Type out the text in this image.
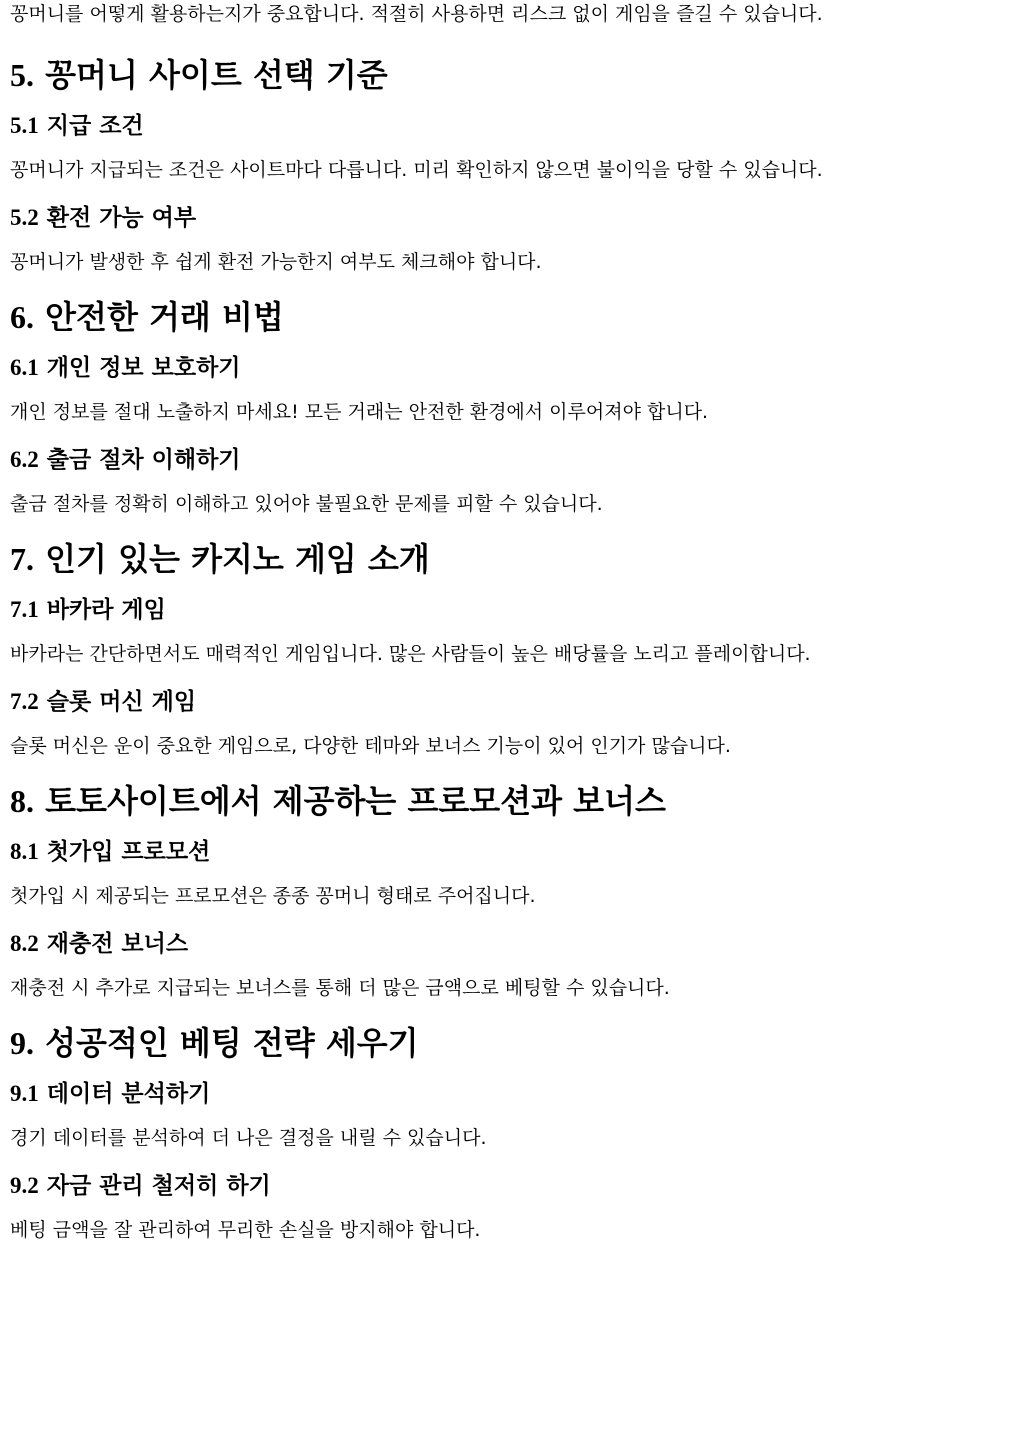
꽁머니를 어떻게 활용하는지가 중요합니다. 적절히 사용하면 리스크 없이 게임을 즐길 수 있습니다.

5. 꽁머니 사이트 선택 기준
5.1 지급 조건

꽁머니가 지급되는 조건은 사이트마다 다릅니다. 미리 확인하지 않으면 불이익을 당할 수 있습니다.

5.2 환전 가능 여부

꽁머니가 발생한 후 쉽게 환전 가능한지 여부도 체크해야 합니다.

6. 안전한 거래 비법
6.1 개인 정보 보호하기

개인 정보를 절대 노출하지 마세요! 모든 거래는 안전한 환경에서 이루어져야 합니다.

6.2 출금 절차 이해하기

출금 절차를 정확히 이해하고 있어야 불필요한 문제를 피할 수 있습니다.

7. 인기 있는 카지노 게임 소개
7.1 바카라 게임

바카라는 간단하면서도 매력적인 게임입니다. 많은 사람들이 높은 배당률을 노리고 플레이합니다.

7.2 슬롯 머신 게임

슬롯 머신은 운이 중요한 게임으로, 다양한 테마와 보너스 기능이 있어 인기가 많습니다.

8. 토토사이트에서 제공하는 프로모션과 보너스
8.1 첫가입 프로모션

첫가입 시 제공되는 프로모션은 종종 꽁머니 형태로 주어집니다.

8.2 재충전 보너스

재충전 시 추가로 지급되는 보너스를 통해 더 많은 금액으로 베팅할 수 있습니다.

9. 성공적인 베팅 전략 세우기
9.1 데이터 분석하기

경기 데이터를 분석하여 더 나은 결정을 내릴 수 있습니다.

9.2 자금 관리 철저히 하기

베팅 금액을 잘 관리하여 무리한 손실을 방지해야 합니다.
